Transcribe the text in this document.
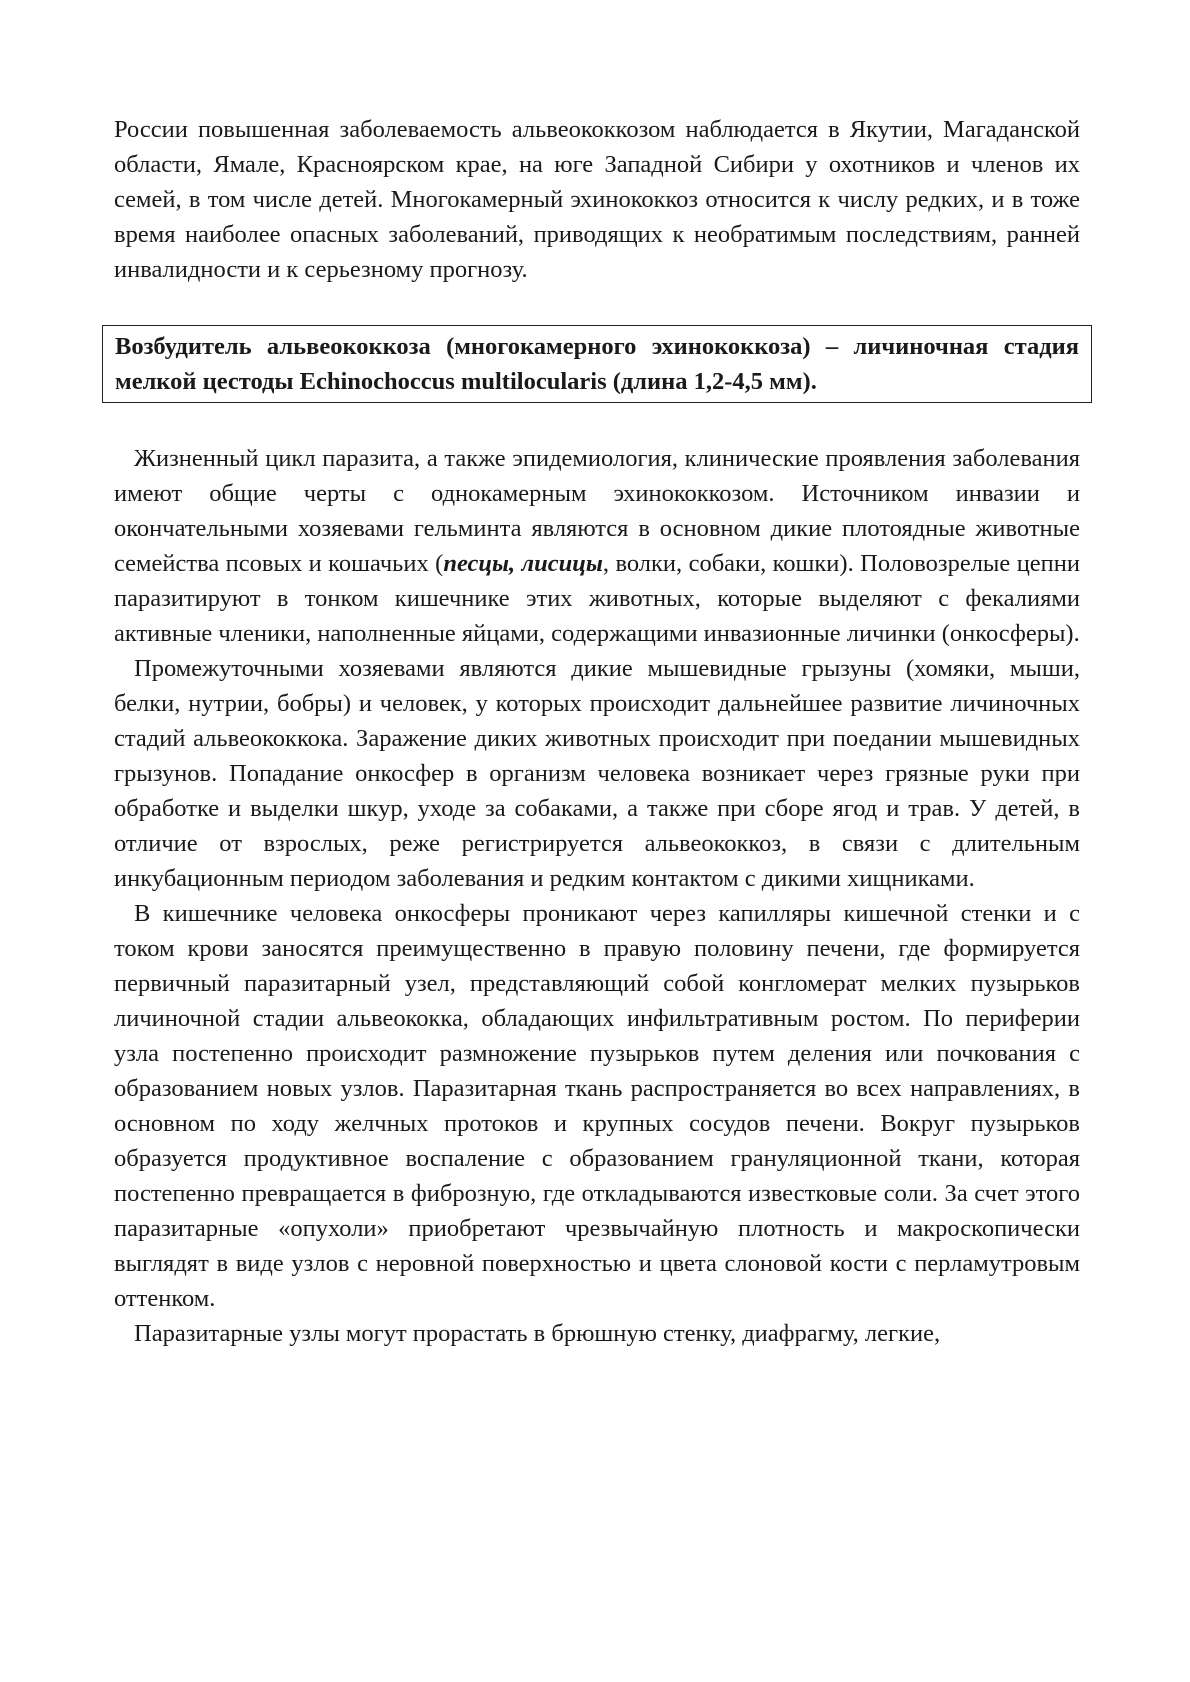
России повышенная заболеваемость альвеококкозом наблюдается в Якутии, Магаданской области, Ямале, Красноярском крае, на юге Западной Сибири у охотников и членов их семей, в том числе детей. Многокамерный эхинококкоз относится к числу редких, и в тоже время наиболее опасных заболеваний, приводящих к необратимым последствиям, ранней инвалидности и к серьезному прогнозу.

Возбудитель альвеококкоза (многокамерного эхинококкоза) – личиночная стадия мелкой цестоды Echinochoccus multilocularis (длина 1,2-4,5 мм).

Жизненный цикл паразита, а также эпидемиология, клинические проявления заболевания имеют общие черты с однокамерным эхинококкозом. Источником инвазии и окончательными хозяевами гельминта являются в основном дикие плотоядные животные семейства псовых и кошачьих (песцы, лисицы, волки, собаки, кошки). Половозрелые цепни паразитируют в тонком кишечнике этих животных, которые выделяют с фекалиями активные членики, наполненные яйцами, содержащими инвазионные личинки (онкосферы).

Промежуточными хозяевами являются дикие мышевидные грызуны (хомяки, мыши, белки, нутрии, бобры) и человек, у которых происходит дальнейшее развитие личиночных стадий альвеококкока. Заражение диких животных происходит при поедании мышевидных грызунов. Попадание онкосфер в организм человека возникает через грязные руки при обработке и выделки шкур, уходе за собаками, а также при сборе ягод и трав. У детей, в отличие от взрослых, реже регистрируется альвеококкоз, в связи с длительным инкубационным периодом заболевания и редким контактом с дикими хищниками.

В кишечнике человека онкосферы проникают через капилляры кишечной стенки и с током крови заносятся преимущественно в правую половину печени, где формируется первичный паразитарный узел, представляющий собой конгломерат мелких пузырьков личиночной стадии альвеококка, обладающих инфильтративным ростом. По периферии узла постепенно происходит размножение пузырьков путем деления или почкования с образованием новых узлов. Паразитарная ткань распространяется во всех направлениях, в основном по ходу желчных протоков и крупных сосудов печени. Вокруг пузырьков образуется продуктивное воспаление с образованием грануляционной ткани, которая постепенно превращается в фиброзную, где откладываются известковые соли. За счет этого паразитарные «опухоли» приобретают чрезвычайную плотность и макроскопически выглядят в виде узлов с неровной поверхностью и цвета слоновой кости с перламутровым оттенком.

Паразитарные узлы могут прорастать в брюшную стенку, диафрагму, легкие,
